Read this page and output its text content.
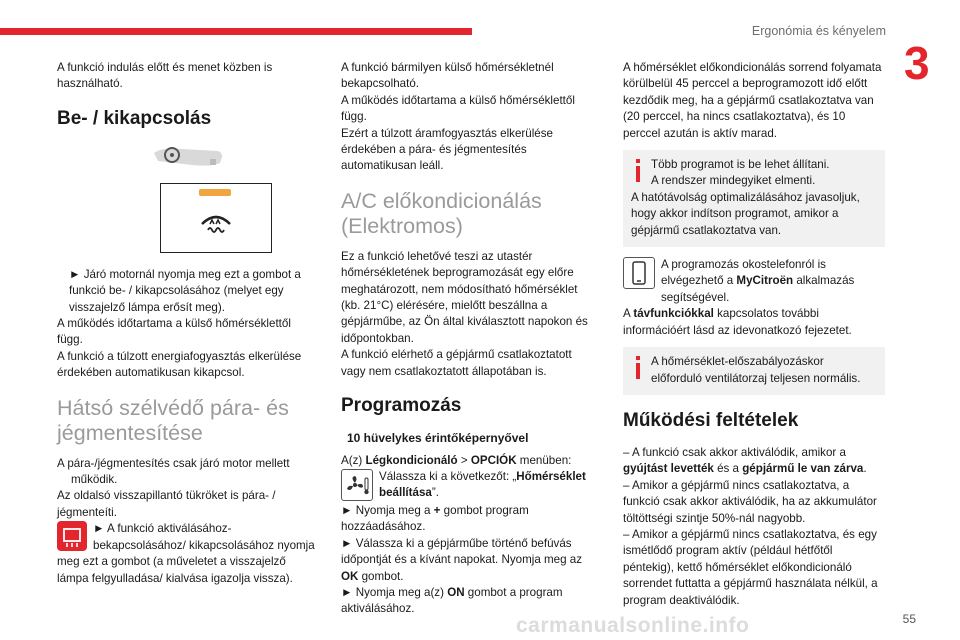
Ergonómia és kényelem
3

A funkció indulás előtt és menet közben is használható.

Be- / kikapcsolás

► Járó motornál nyomja meg ezt a gombot a funkció be- / kikapcsolásához (melyet egy visszajelző lámpa erősít meg).

A működés időtartama a külső hőmérséklettől függ.

A funkció a túlzott energiafogyasztás elkerülése érdekében automatikusan kikapcsol.

Hátsó szélvédő pára- és jégmentesítése

A pára-/jégmentesítés csak járó motor mellett működik.

Az oldalsó visszapillantó tükröket is pára- / jégmenteíti.

► A funkció aktiválásáhozbekapcsolásához/ kikapcsolásához nyomja meg ezt a gombot (a műveletet a visszajelző lámpa felgyulladása/ kialvása igazolja vissza).

A funkció bármilyen külső hőmérsékletnél bekapcsolható.

A működés időtartama a külső hőmérséklettől függ.

Ezért a túlzott áramfogyasztás elkerülése érdekében a pára- és jégmentesítés automatikusan leáll.

A/C előkondicionálás (Elektromos)

Ez a funkció lehetővé teszi az utastér hőmérsékletének beprogramozását egy előre meghatározott, nem módosítható hőmérséklet (kb. 21°C) elérésére, mielőtt beszállna a gépjárműbe, az Ön által kiválasztott napokon és időpontokban.

A funkció elérhető a gépjármű csatlakoztatott vagy nem csatlakoztatott állapotában is.

Programozás
10 hüvelykes érintőképernyővel

A(z) Légkondicionáló > OPCIÓK menüben:

Válassza ki a következőt: „Hőmérséklet beállítása”.

► Nyomja meg a + gombot program hozzáadásához.

► Válassza ki a gépjárműbe történő befúvás időpontját és a kívánt napokat. Nyomja meg az OK gombot.

► Nyomja meg a(z) ON gombot a program aktiválásához.

A hőmérséklet előkondicionálás sorrend folyamata körülbelül 45 perccel a beprogramozott idő előtt kezdődik meg, ha a gépjármű csatlakoztatva van (20 perccel, ha nincs csatlakoztatva), és 10 perccel azután is aktív marad.

Több programot is be lehet állítani.

A rendszer mindegyiket elmenti.

A hatótávolság optimalizálásához javasoljuk, hogy akkor indítson programot, amikor a gépjármű csatlakoztatva van.

A programozás okostelefonról is elvégezhető a MyCitroën alkalmazás segítségével.

A távfunkciókkal kapcsolatos további információért lásd az idevonatkozó fejezetet.

A hőmérséklet-előszabályozáskor előforduló ventilátorzaj teljesen normális.

Működési feltételek

– A funkció csak akkor aktiválódik, amikor a gyújtást levették és a gépjármű le van zárva.

– Amikor a gépjármű nincs csatlakoztatva, a funkció csak akkor aktiválódik, ha az akkumulátor töltöttségi szintje 50%-nál nagyobb.

– Amikor a gépjármű nincs csatlakoztatva, és egy ismétlődő program aktív (például hétfőtől péntekig), kettő hőmérséklet előkondicionáló sorrendet futtatta a gépjármű használata nélkül, a program deaktiválódik.

carmanualsonline.info	55
